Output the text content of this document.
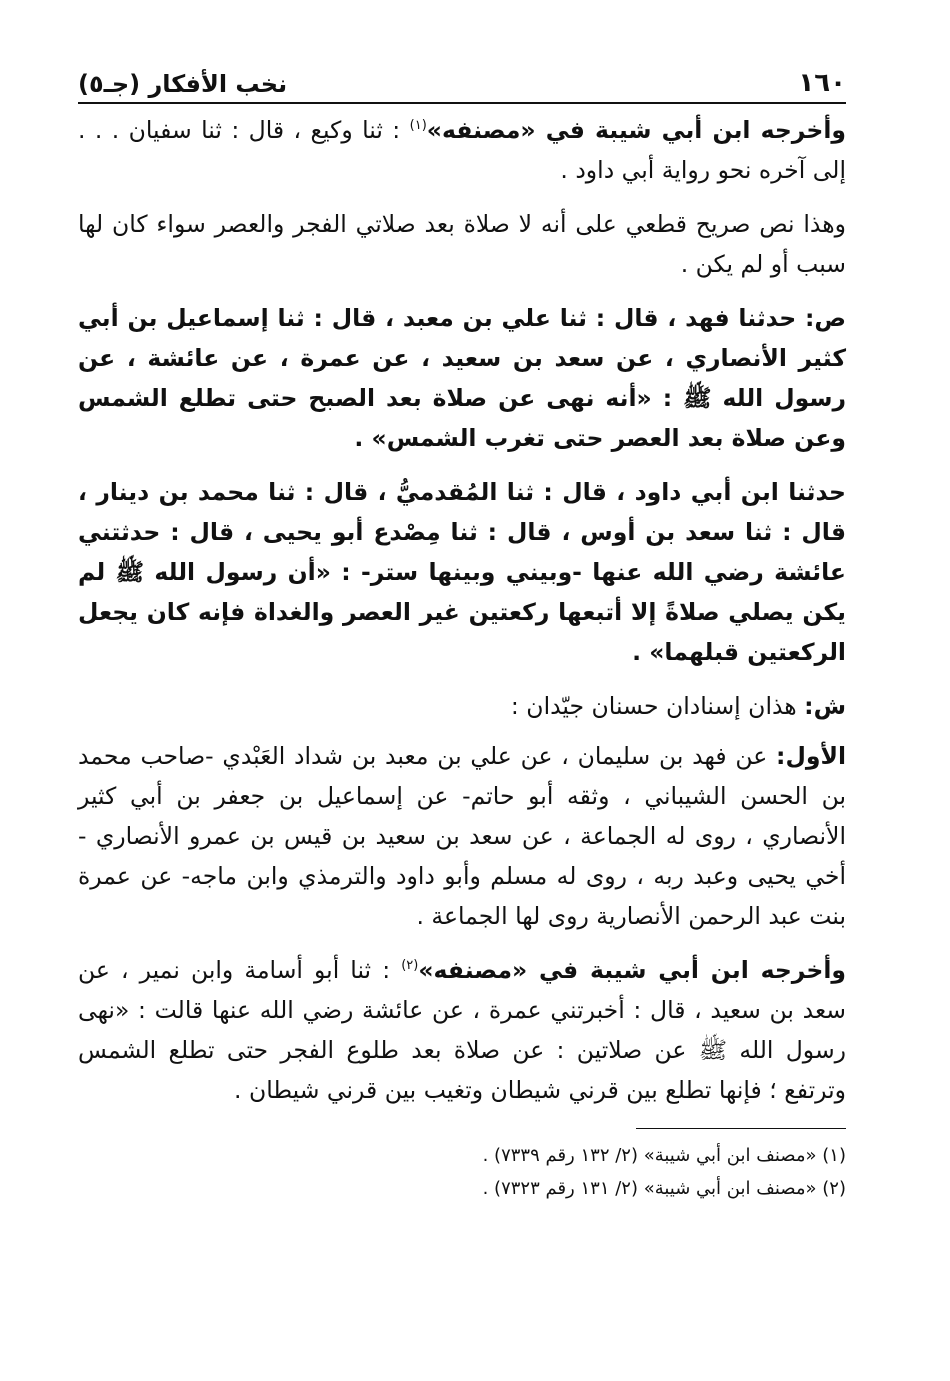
١٦٠
نخب الأفكار (جـ٥)

وأخرجه ابن أبي شيبة في «مصنفه»$^{(١)}$ : ثنا وكيع ، قال : ثنا سفيان . . . إلى آخره نحو رواية أبي داود .

وهذا نص صريح قطعي على أنه لا صلاة بعد صلاتي الفجر والعصر سواء كان لها سبب أو لم يكن .

ص: حدثنا فهد ، قال : ثنا علي بن معبد ، قال : ثنا إسماعيل بن أبي كثير الأنصاري ، عن سعد بن سعيد ، عن عمرة ، عن عائشة ، عن رسول الله ﷺ : «أنه نهى عن صلاة بعد الصبح حتى تطلع الشمس وعن صلاة بعد العصر حتى تغرب الشمس» .

حدثنا ابن أبي داود ، قال : ثنا المُقدميُّ ، قال : ثنا محمد بن دينار ، قال : ثنا سعد بن أوس ، قال : ثنا مِصْدع أبو يحيى ، قال : حدثتني عائشة رضي الله عنها -وبيني وبينها ستر- : «أن رسول الله ﷺ لم يكن يصلي صلاةً إلا أتبعها ركعتين غير العصر والغداة فإنه كان يجعل الركعتين قبلهما» .

ش: هذان إسنادان حسنان جيّدان :

الأول: عن فهد بن سليمان ، عن علي بن معبد بن شداد العَبْدي -صاحب محمد بن الحسن الشيباني ، وثقه أبو حاتم- عن إسماعيل بن جعفر بن أبي كثير الأنصاري ، روى له الجماعة ، عن سعد بن سعيد بن قيس بن عمرو الأنصاري - أخي يحيى وعبد ربه ، روى له مسلم وأبو داود والترمذي وابن ماجه- عن عمرة بنت عبد الرحمن الأنصارية روى لها الجماعة .

وأخرجه ابن أبي شيبة في «مصنفه»$^{(٢)}$ : ثنا أبو أسامة وابن نمير ، عن سعد بن سعيد ، قال : أخبرتني عمرة ، عن عائشة رضي الله عنها قالت : «نهى رسول الله ﷺ عن صلاتين : عن صلاة بعد طلوع الفجر حتى تطلع الشمس وترتفع ؛ فإنها تطلع بين قرني شيطان وتغيب بين قرني شيطان .

(١) «مصنف ابن أبي شيبة» (٢/ ١٣٢ رقم ٧٣٣٩) .

(٢) «مصنف ابن أبي شيبة» (٢/ ١٣١ رقم ٧٣٢٣) .
